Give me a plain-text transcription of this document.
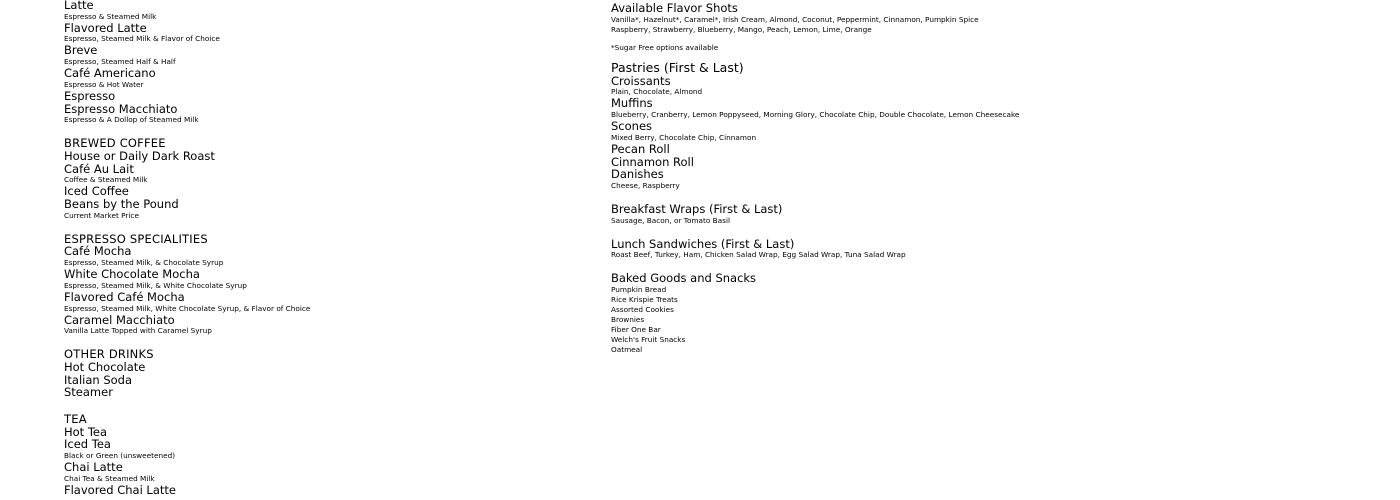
Latte
Espresso & Steamed Milk
Flavored Latte
Espresso, Steamed Milk & Flavor of Choice
Breve
Espresso, Steamed Half & Half
Café Americano
Espresso & Hot Water
Espresso
Espresso Macchiato
Espresso & A Dollop of Steamed Milk
BREWED COFFEE
House or Daily Dark Roast
Café Au Lait
Coffee & Steamed Milk
Iced Coffee
Beans by the Pound
Current Market Price
ESPRESSO SPECIALITIES
Café Mocha
Espresso, Steamed Milk, & Chocolate Syrup
White Chocolate Mocha
Espresso, Steamed Milk, & White Chocolate Syrup
Flavored Café Mocha
Espresso, Steamed Milk, White Chocolate Syrup, & Flavor of Choice
Caramel Macchiato
Vanilla Latte Topped with Caramel Syrup
OTHER DRINKS
Hot Chocolate
Italian Soda
Steamer
TEA
Hot Tea
Iced Tea
Black or Green (unsweetened)
Chai Latte
Chai Tea & Steamed Milk
Flavored Chai Latte
Available Flavor Shots
Vanilla*, Hazelnut*, Caramel*, Irish Cream, Almond, Coconut, Peppermint, Cinnamon, Pumpkin Spice
Raspberry, Strawberry, Blueberry, Mango, Peach, Lemon, Lime, Orange
*Sugar Free options available
Pastries (First & Last)
Croissants
Plain, Chocolate, Almond
Muffins
Blueberry, Cranberry, Lemon Poppyseed, Morning Glory, Chocolate Chip, Double Chocolate, Lemon Cheesecake
Scones
Mixed Berry, Chocolate Chip, Cinnamon
Pecan Roll
Cinnamon Roll
Danishes
Cheese, Raspberry
Breakfast Wraps (First & Last)
Sausage, Bacon, or Tomato Basil
Lunch Sandwiches (First & Last)
Roast Beef, Turkey, Ham, Chicken Salad Wrap, Egg Salad Wrap, Tuna Salad Wrap
Baked Goods and Snacks
Pumpkin Bread
Rice Krispie Treats
Assorted Cookies
Brownies
Fiber One Bar
Welch's Fruit Snacks
Oatmeal
